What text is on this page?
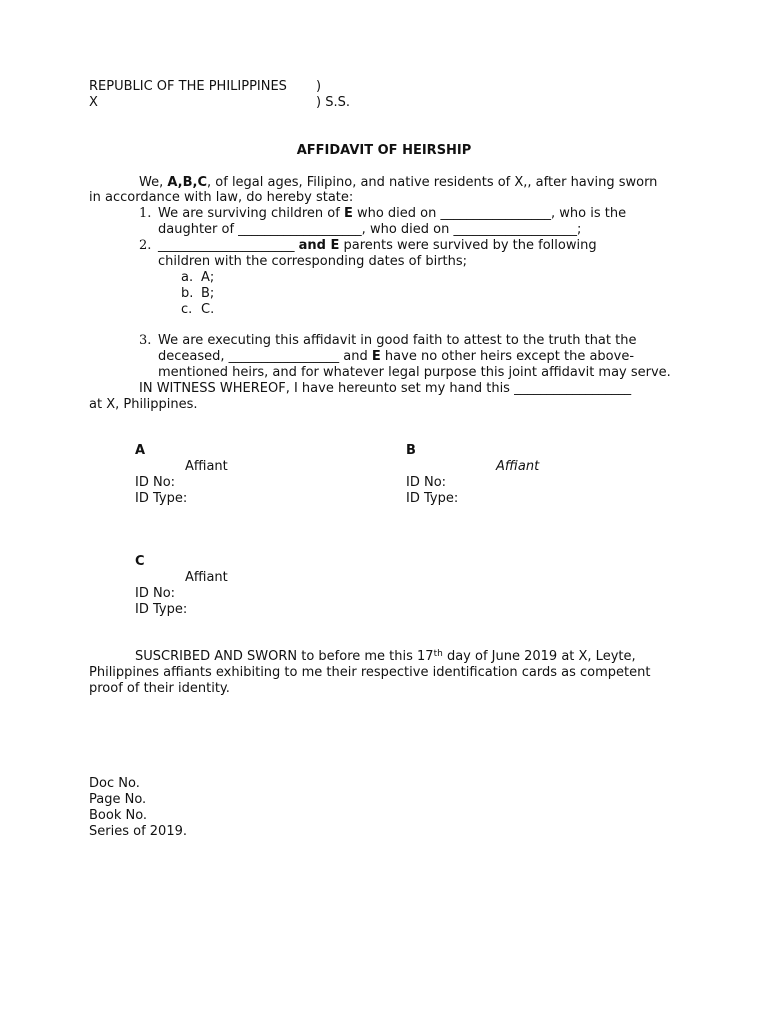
REPUBLIC OF THE PHILIPPINES )
X	) S.S.
AFFIDAVIT OF HEIRSHIP
We, A,B,C, of legal ages, Filipino, and native residents of X,, after having sworn
in accordance with law, do hereby state:
1. We are surviving children of E who died on _________________, who is the
daughter of ___________________, who died on ___________________;
2. _____________________ and E parents were survived by the following
children with the corresponding dates of births;
a. A;
b. B;
c. C.
3. We are executing this affidavit in good faith to attest to the truth that the
deceased, _________________ and E have no other heirs except the above-
mentioned heirs, and for whatever legal purpose this joint affidavit may serve.
IN WITNESS WHEREOF, I have hereunto set my hand this __________________
at X, Philippines.
A
Affiant
ID No:
ID Type:
B
Affiant
ID No:
ID Type:
C
Affiant
ID No:
ID Type:
SUSCRIBED AND SWORN to before me this 17th day of June 2019 at X, Leyte,
Philippines affiants exhibiting to me their respective identification cards as competent
proof of their identity.
Doc No.
Page No.
Book No.
Series of 2019.
